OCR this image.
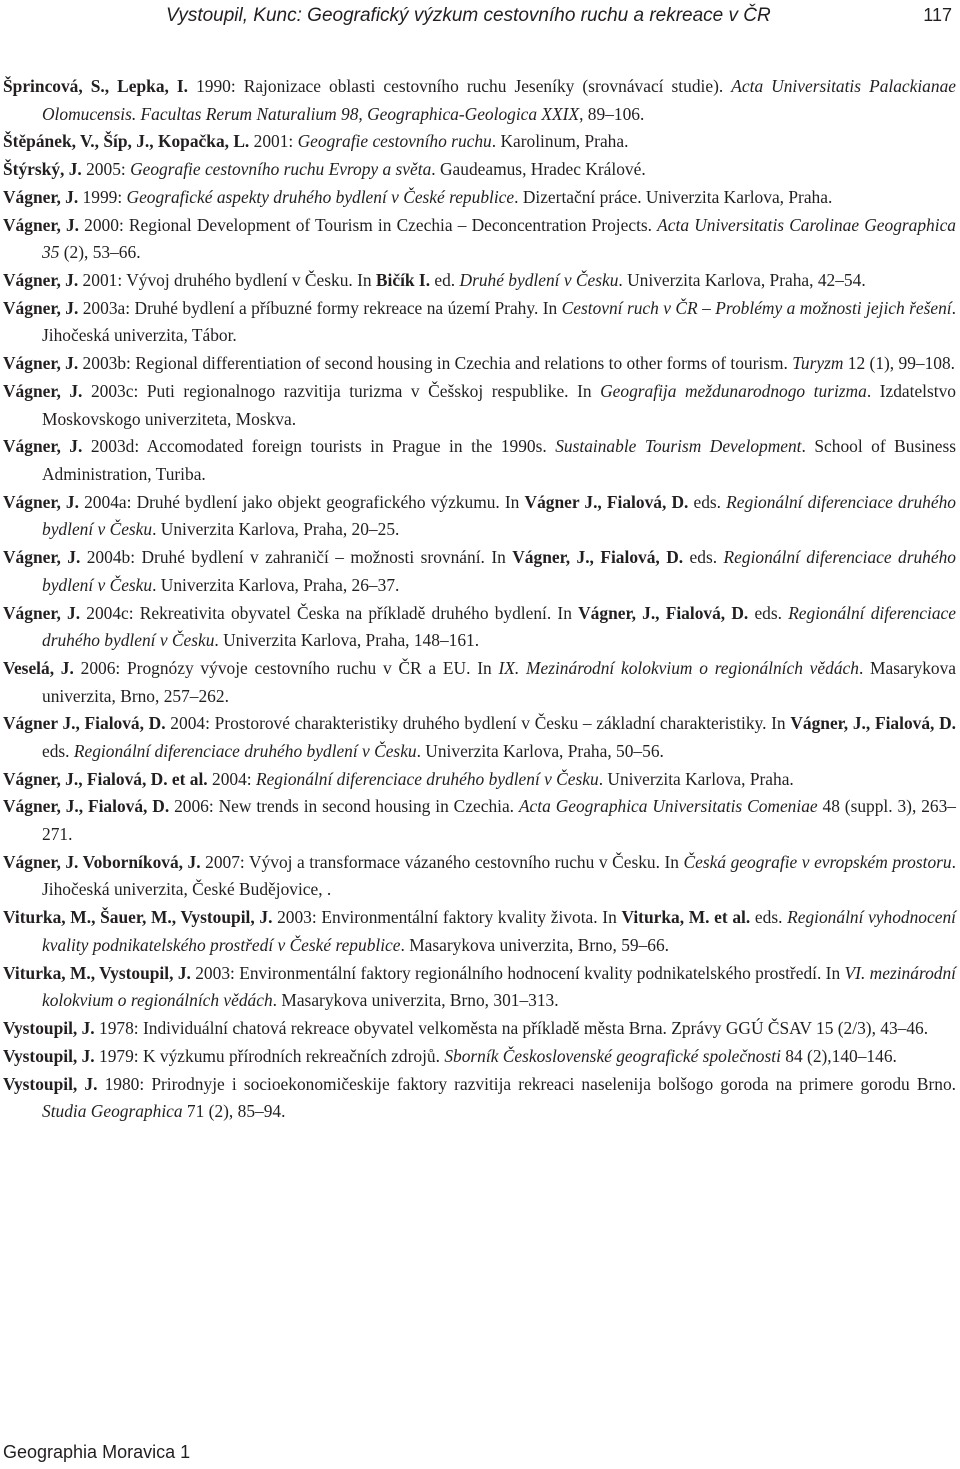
Vystoupil, Kunc: Geografický výzkum cestovního ruchu a rekreace v ČR	117

Šprincová, S., Lepka, I. 1990: Rajonizace oblasti cestovního ruchu Jeseníky (srovnávací studie). Acta Universitatis Palackianae Olomucensis. Facultas Rerum Naturalium 98, Geographica-Geologica XXIX, 89–106.

Štěpánek, V., Šíp, J., Kopačka, L. 2001: Geografie cestovního ruchu. Karolinum, Praha.

Štýrský, J. 2005: Geografie cestovního ruchu Evropy a světa. Gaudeamus, Hradec Králové.

Vágner, J. 1999: Geografické aspekty druhého bydlení v České republice. Dizertační práce. Univerzita Karlova, Praha.

Vágner, J. 2000: Regional Development of Tourism in Czechia – Deconcentration Projects. Acta Universitatis Carolinae Geographica 35 (2), 53–66.

Vágner, J. 2001: Vývoj druhého bydlení v Česku. In Bičík I. ed. Druhé bydlení v Česku. Univerzita Karlova, Praha, 42–54.

Vágner, J. 2003a: Druhé bydlení a příbuzné formy rekreace na území Prahy. In Cestovní ruch v ČR – Problémy a možnosti jejich řešení. Jihočeská univerzita, Tábor.

Vágner, J. 2003b: Regional differentiation of second housing in Czechia and relations to other forms of tourism. Turyzm 12 (1), 99–108.

Vágner, J. 2003c: Puti regionalnogo razvitija turizma v Češskoj respublike. In Geografija meždunarodnogo turizma. Izdatelstvo Moskovskogo univerziteta, Moskva.

Vágner, J. 2003d: Accomodated foreign tourists in Prague in the 1990s. Sustainable Tourism Development. School of Business Administration, Turiba.

Vágner, J. 2004a: Druhé bydlení jako objekt geografického výzkumu. In Vágner J., Fialová, D. eds. Regionální diferenciace druhého bydlení v Česku. Univerzita Karlova, Praha, 20–25.

Vágner, J. 2004b: Druhé bydlení v zahraničí – možnosti srovnání. In Vágner, J., Fialová, D. eds. Regionální diferenciace druhého bydlení v Česku. Univerzita Karlova, Praha, 26–37.

Vágner, J. 2004c: Rekreativita obyvatel Česka na příkladě druhého bydlení. In Vágner, J., Fialová, D. eds. Regionální diferenciace druhého bydlení v Česku. Univerzita Karlova, Praha, 148–161.

Veselá, J. 2006: Prognózy vývoje cestovního ruchu v ČR a EU. In IX. Mezinárodní kolokvium o regionálních vědách. Masarykova univerzita, Brno, 257–262.

Vágner J., Fialová, D. 2004: Prostorové charakteristiky druhého bydlení v Česku – základní charakteristiky. In Vágner, J., Fialová, D. eds. Regionální diferenciace druhého bydlení v Česku. Univerzita Karlova, Praha, 50–56.

Vágner, J., Fialová, D. et al. 2004: Regionální diferenciace druhého bydlení v Česku. Univerzita Karlova, Praha.

Vágner, J., Fialová, D. 2006: New trends in second housing in Czechia. Acta Geographica Universitatis Comeniae 48 (suppl. 3), 263–271.

Vágner, J. Voborníková, J. 2007: Vývoj a transformace vázaného cestovního ruchu v Česku. In Česká geografie v evropském prostoru. Jihočeská univerzita, České Budějovice, .

Viturka, M., Šauer, M., Vystoupil, J. 2003: Environmentální faktory kvality života. In Viturka, M. et al. eds. Regionální vyhodnocení kvality podnikatelského prostředí v České republice. Masarykova univerzita, Brno, 59–66.

Viturka, M., Vystoupil, J. 2003: Environmentální faktory regionálního hodnocení kvality podnikatelského prostředí. In VI. mezinárodní kolokvium o regionálních vědách. Masarykova univerzita, Brno, 301–313.

Vystoupil, J. 1978: Individuální chatová rekreace obyvatel velkoměsta na příkladě města Brna. Zprávy GGÚ ČSAV 15 (2/3), 43–46.

Vystoupil, J. 1979: K výzkumu přírodních rekreačních zdrojů. Sborník Československé geografické společnosti 84 (2),140–146.

Vystoupil, J. 1980: Prirodnyje i socioekonomičeskije faktory razvitija rekreaci naselenija bolšogo goroda na primere gorodu Brno. Studia Geographica 71 (2), 85–94.

Geographia Moravica 1
